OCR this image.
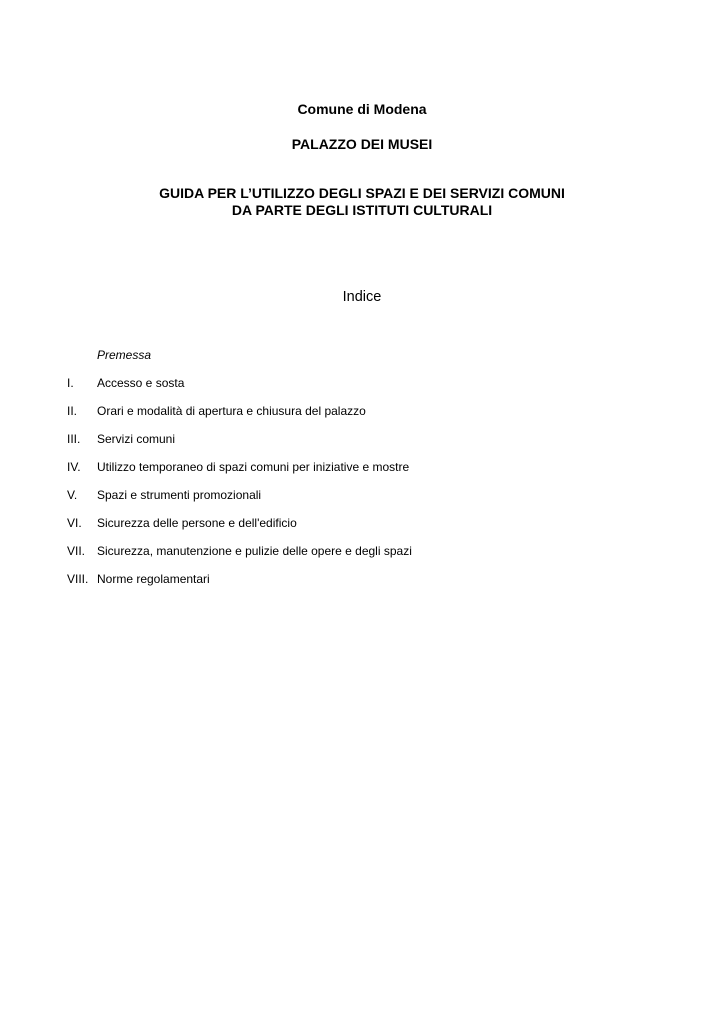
Comune di Modena
PALAZZO DEI MUSEI
GUIDA PER L’UTILIZZO DEGLI SPAZI E DEI SERVIZI COMUNI
DA PARTE DEGLI ISTITUTI CULTURALI
Indice
Premessa
I. Accesso e sosta
II. Orari e modalità di apertura e chiusura del palazzo
III. Servizi comuni
IV. Utilizzo temporaneo di spazi comuni per iniziative e mostre
V. Spazi e strumenti promozionali
VI. Sicurezza delle persone e dell'edificio
VII. Sicurezza, manutenzione e pulizie delle opere e degli spazi
VIII. Norme regolamentari
